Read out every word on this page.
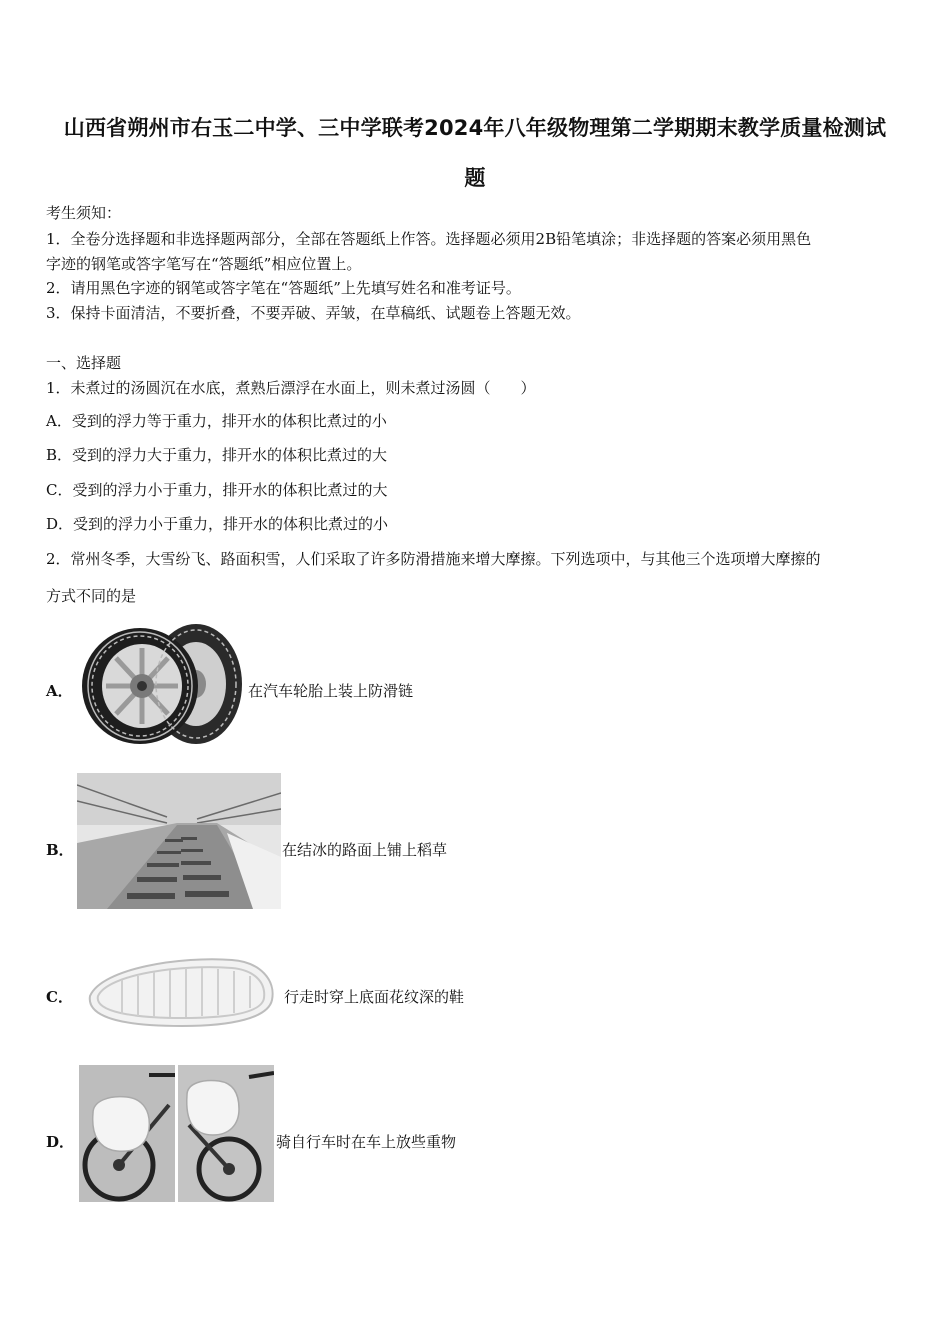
山西省朔州市右玉二中学、三中学联考2024年八年级物理第二学期期末教学质量检测试
题
考生须知：
1．全卷分选择题和非选择题两部分，全部在答题纸上作答。选择题必须用2B铅笔填涂；非选择题的答案必须用黑色
字迹的钢笔或答字笔写在“答题纸”相应位置上。
2．请用黑色字迹的钢笔或答字笔在“答题纸”上先填写姓名和准考证号。
3．保持卡面清洁，不要折叠，不要弄破、弄皱，在草稿纸、试题卷上答题无效。
一、选择题
1．未煮过的汤圆沉在水底，煮熟后漂浮在水面上，则未煮过汤圆（　　）
A．受到的浮力等于重力，排开水的体积比煮过的小
B．受到的浮力大于重力，排开水的体积比煮过的大
C．受到的浮力小于重力，排开水的体积比煮过的大
D．受到的浮力小于重力，排开水的体积比煮过的小
2．常州冬季，大雪纷飞、路面积雪，人们采取了许多防滑措施来增大摩擦。下列选项中，与其他三个选项增大摩擦的
方式不同的是
A．	在汽车轮胎上装上防滑链
B．	在结冰的路面上铺上稻草
C．	行走时穿上底面花纹深的鞋
D．	骑自行车时在车上放些重物
